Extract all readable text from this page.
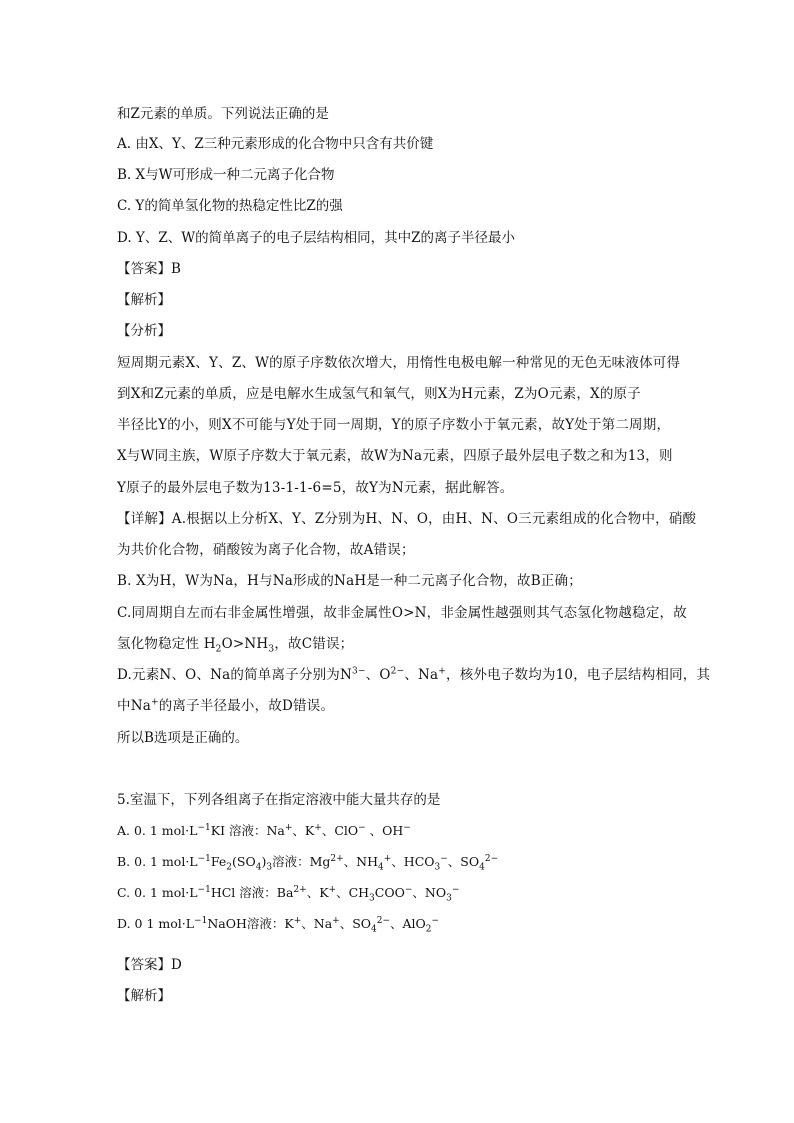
和Z元素的单质。下列说法正确的是
A. 由X、Y、Z三种元素形成的化合物中只含有共价键
B. X与W可形成一种二元离子化合物
C. Y的简单氢化物的热稳定性比Z的强
D. Y、Z、W的简单离子的电子层结构相同，其中Z的离子半径最小
【答案】B
【解析】
【分析】
短周期元素X、Y、Z、W的原子序数依次增大，用惰性电极电解一种常见的无色无味液体可得
到X和Z元素的单质，应是电解水生成氢气和氧气，则X为H元素，Z为O元素，X的原子
半径比Y的小，则X不可能与Y处于同一周期，Y的原子序数小于氧元素，故Y处于第二周期，
X与W同主族，W原子序数大于氧元素，故W为Na元素，四原子最外层电子数之和为13，则
Y原子的最外层电子数为13-1-1-6=5，故Y为N元素，据此解答。
【详解】A.根据以上分析X、Y、Z分别为H、N、O，由H、N、O三元素组成的化合物中，硝酸
为共价化合物，硝酸铵为离子化合物，故A错误；
B. X为H，W为Na，H与Na形成的NaH是一种二元离子化合物，故B正确；
C.同周期自左而右非金属性增强，故非金属性O>N，非金属性越强则其气态氢化物越稳定，故
氢化物稳定性 $H_2O>NH_3$，故C错误；
D.元素N、O、Na的简单离子分别为$N^{3-}$、$O^{2-}$、Na+，核外电子数均为10，电子层结构相同，其
中Na+的离子半径最小，故D错误。
所以B选项是正确的。
5.室温下，下列各组离子在指定溶液中能大量共存的是
A. 0. 1 $mol\cdot L^{-1}KI$ 溶液：Na+、K+、ClO− 、OH−
B. 0. 1 $mol\cdot L^{-1}Fe_2(SO_4)_3$溶液：$Mg^{2+}$、$NH_4^+$、$HCO_3^-$、$SO_4^{2-}$
C. 0. 1 $mol\cdot L^{-1}HCl$ 溶液：$Ba^{2+}$、K+、$CH_3COO^-$、$NO_3^-$
D. 0 1 $mol\cdot L^{-1}NaOH$溶液：K+、Na+、$SO_4^{2-}$、AlO$_2$−
【答案】D
【解析】
